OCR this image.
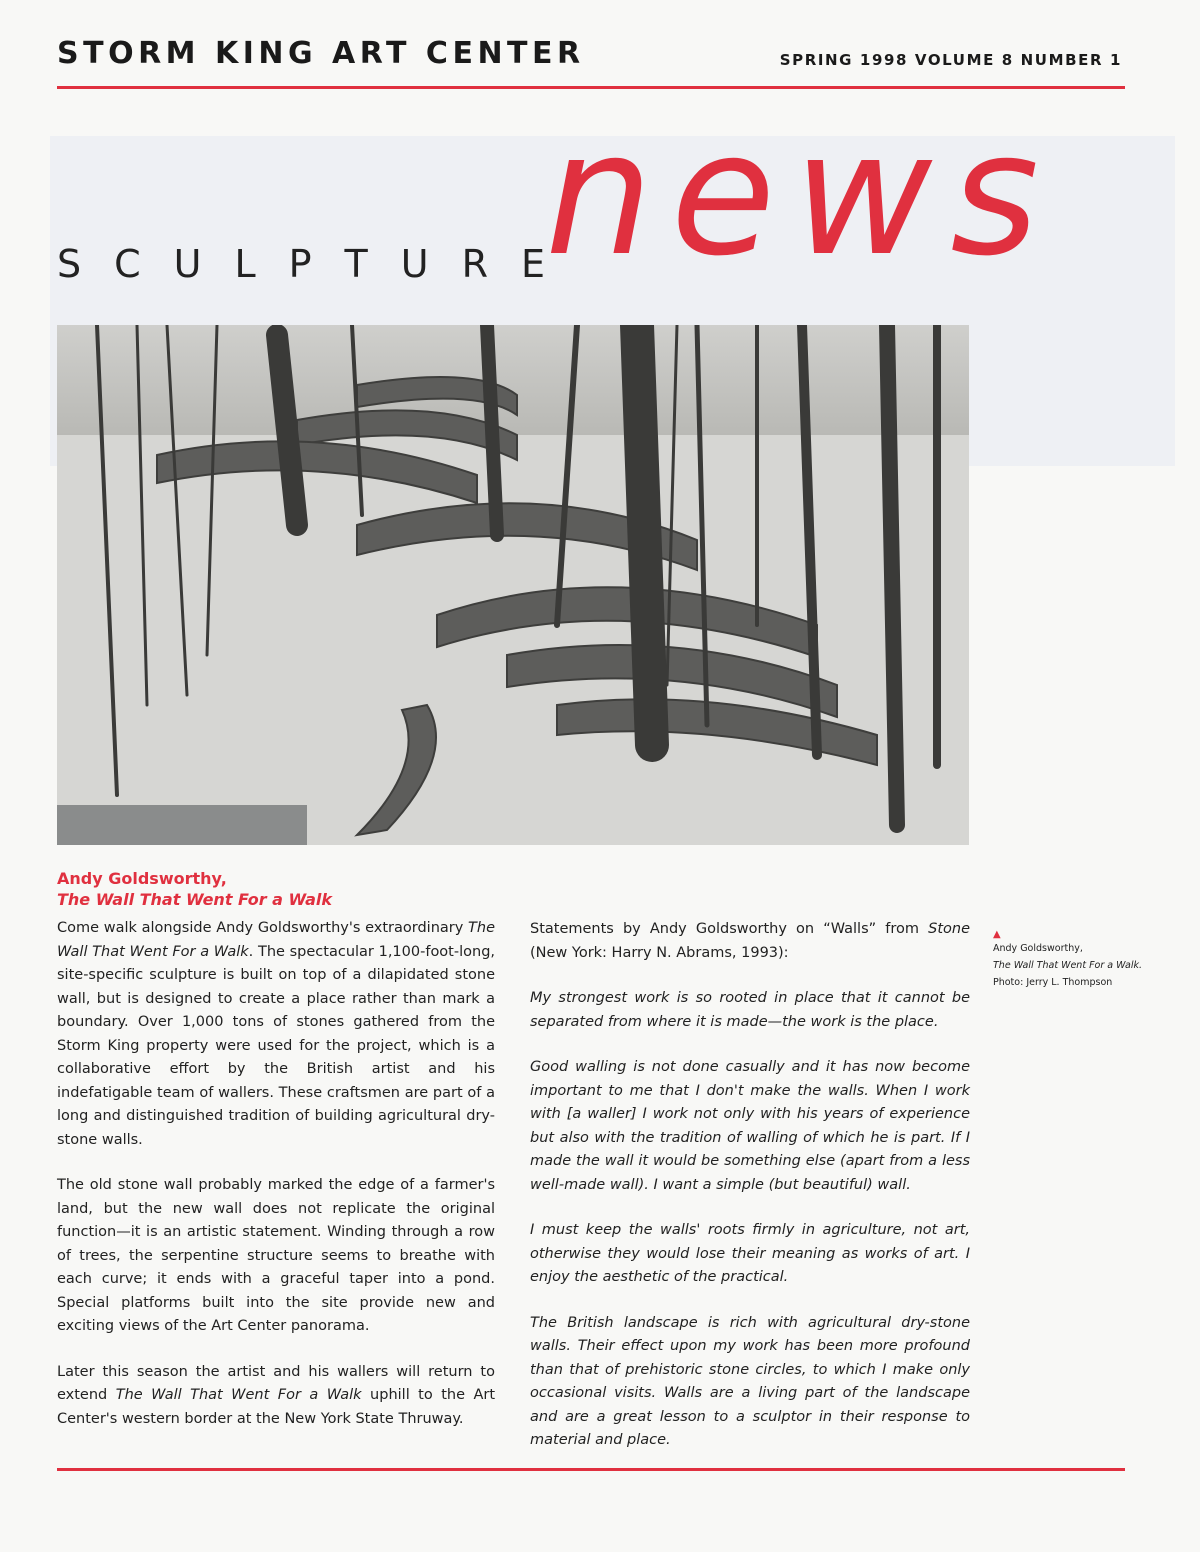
STORM KING ART CENTER	SPRING 1998 VOLUME 8 NUMBER 1
SCULPTURE
news
Andy Goldsworthy,
The Wall That Went For a Walk

Come walk alongside Andy Goldsworthy's extraordinary The Wall That Went For a Walk. The spectacular 1,100-foot-long, site-specific sculpture is built on top of a dilapidated stone wall, but is designed to create a place rather than mark a boundary. Over 1,000 tons of stones gathered from the Storm King property were used for the project, which is a collaborative effort by the British artist and his indefatigable team of wallers. These craftsmen are part of a long and distinguished tradition of building agricultural dry-stone walls.

The old stone wall probably marked the edge of a farmer's land, but the new wall does not replicate the original function—it is an artistic statement. Winding through a row of trees, the serpentine structure seems to breathe with each curve; it ends with a graceful taper into a pond. Special platforms built into the site provide new and exciting views of the Art Center panorama.

Later this season the artist and his wallers will return to extend The Wall That Went For a Walk uphill to the Art Center's western border at the New York State Thruway.

Statements by Andy Goldsworthy on “Walls” from Stone (New York: Harry N. Abrams, 1993):

My strongest work is so rooted in place that it cannot be separated from where it is made—the work is the place.

Good walling is not done casually and it has now become important to me that I don't make the walls. When I work with [a waller] I work not only with his years of experience but also with the tradition of walling of which he is part. If I made the wall it would be something else (apart from a less well-made wall). I want a simple (but beautiful) wall.

I must keep the walls' roots firmly in agriculture, not art, otherwise they would lose their meaning as works of art. I enjoy the aesthetic of the practical.

The British landscape is rich with agricultural dry-stone walls. Their effect upon my work has been more profound than that of prehistoric stone circles, to which I make only occasional visits. Walls are a living part of the landscape and are a great lesson to a sculptor in their response to material and place.

▲
Andy Goldsworthy,
The Wall That Went For a Walk.
Photo: Jerry L. Thompson
